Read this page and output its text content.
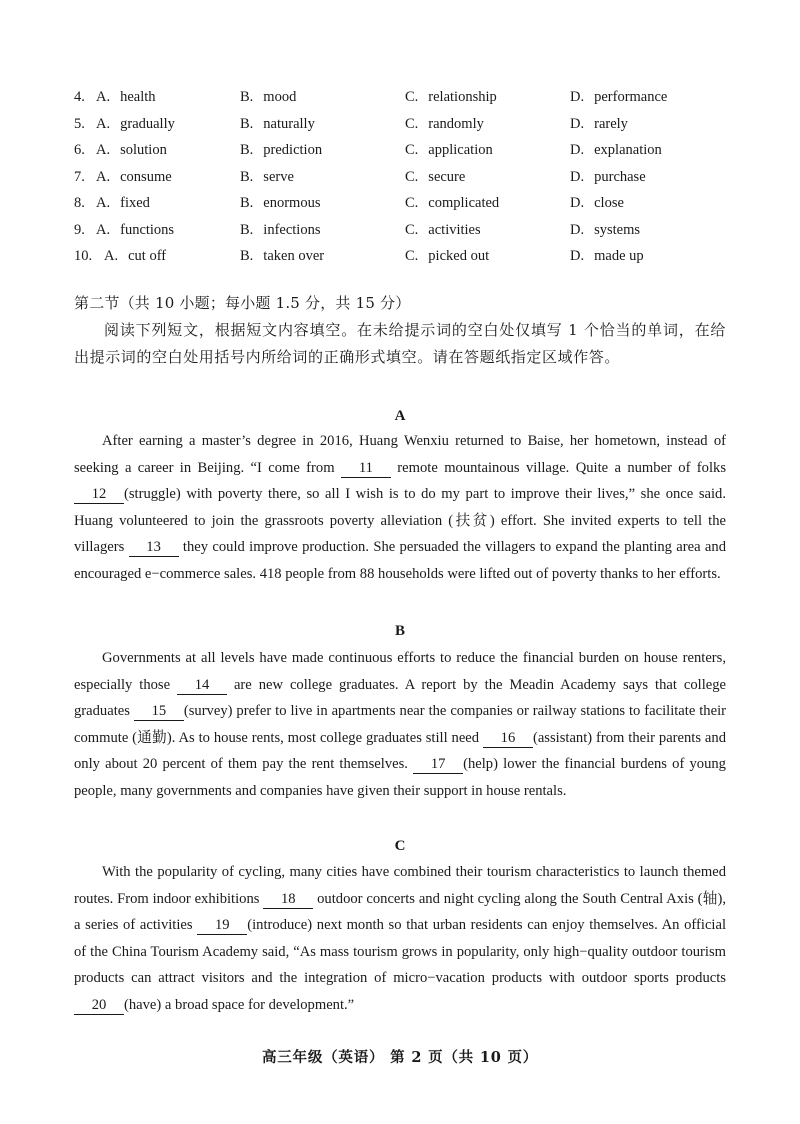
4. A. health	B. mood	C. relationship	D. performance
5. A. gradually	B. naturally	C. randomly	D. rarely
6. A. solution	B. prediction	C. application	D. explanation
7. A. consume	B. serve	C. secure	D. purchase
8. A. fixed	B. enormous	C. complicated	D. close
9. A. functions	B. infections	C. activities	D. systems
10. A. cut off	B. taken over	C. picked out	D. made up
第二节（共 10 小题；每小题 1.5 分，共 15 分）
阅读下列短文，根据短文内容填空。在未给提示词的空白处仅填写 1 个恰当的单词，在给出提示词的空白处用括号内所给词的正确形式填空。请在答题纸指定区域作答。
A
After earning a master’s degree in 2016, Huang Wenxiu returned to Baise, her hometown, instead of seeking a career in Beijing. “I come from 11 remote mountainous village. Quite a number of folks 12 (struggle) with poverty there, so all I wish is to do my part to improve their lives,” she once said. Huang volunteered to join the grassroots poverty alleviation (扶贫) effort. She invited experts to tell the villagers 13 they could improve production. She persuaded the villagers to expand the planting area and encouraged e−commerce sales. 418 people from 88 households were lifted out of poverty thanks to her efforts.
B
Governments at all levels have made continuous efforts to reduce the financial burden on house renters, especially those 14 are new college graduates. A report by the Meadin Academy says that college graduates 15 (survey) prefer to live in apartments near the companies or railway stations to facilitate their commute (通勤). As to house rents, most college graduates still need 16 (assistant) from their parents and only about 20 percent of them pay the rent themselves. 17 (help) lower the financial burdens of young people, many governments and companies have given their support in house rentals.
C
With the popularity of cycling, many cities have combined their tourism characteristics to launch themed routes. From indoor exhibitions 18 outdoor concerts and night cycling along the South Central Axis (轴), a series of activities 19 (introduce) next month so that urban residents can enjoy themselves. An official of the China Tourism Academy said, “As mass tourism grows in popularity, only high−quality outdoor tourism products can attract visitors and the integration of micro−vacation products with outdoor sports products 20 (have) a broad space for development.”
高三年级（英语） 第 2 页（共 10 页）
